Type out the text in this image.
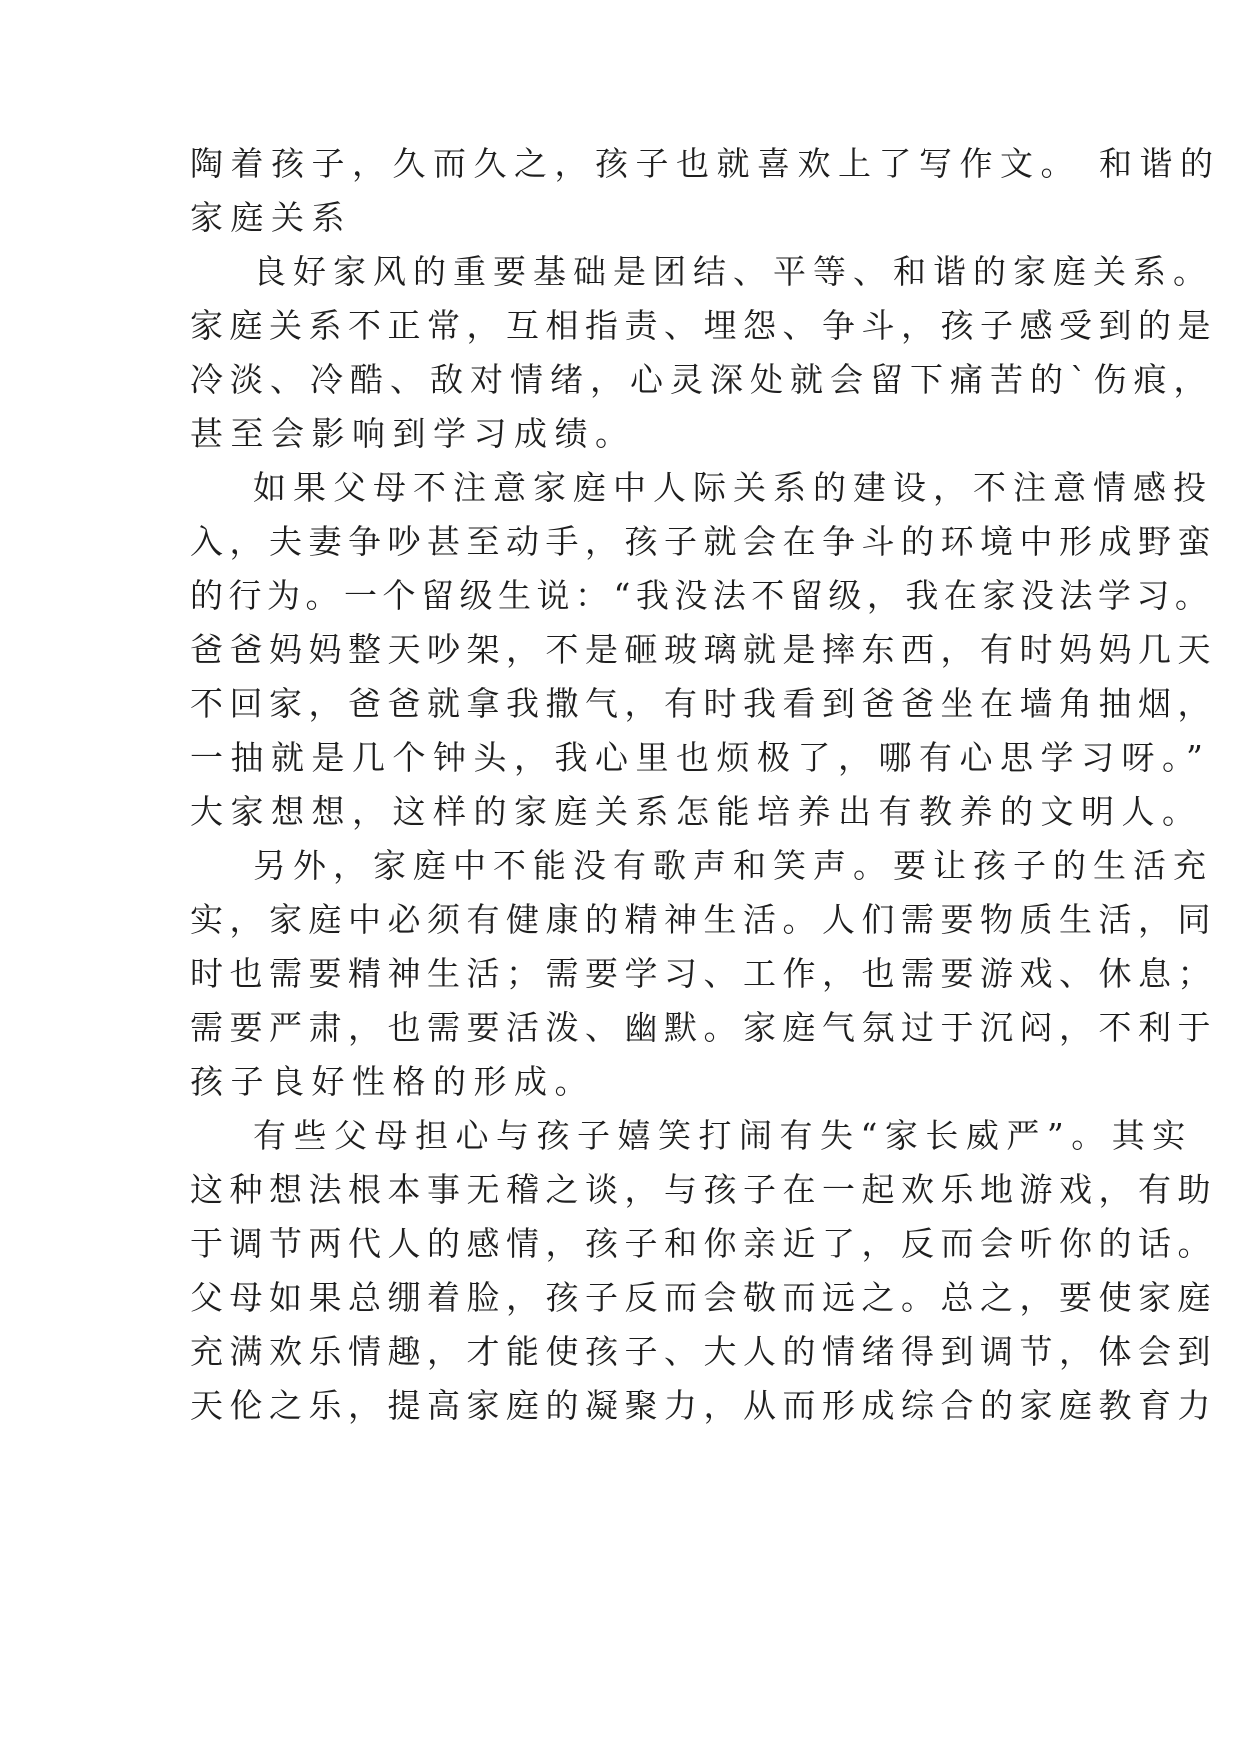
陶着孩子，久而久之，孩子也就喜欢上了写作文。 和谐的

家庭关系

良好家风的重要基础是团结、平等、和谐的家庭关系。

家庭关系不正常，互相指责、埋怨、争斗，孩子感受到的是

冷淡、冷酷、敌对情绪，心灵深处就会留下痛苦的`伤痕，

甚至会影响到学习成绩。

如果父母不注意家庭中人际关系的建设，不注意情感投

入，夫妻争吵甚至动手，孩子就会在争斗的环境中形成野蛮

的行为。一个留级生说：“我没法不留级，我在家没法学习。

爸爸妈妈整天吵架，不是砸玻璃就是摔东西，有时妈妈几天

不回家，爸爸就拿我撒气，有时我看到爸爸坐在墙角抽烟，

一抽就是几个钟头，我心里也烦极了，哪有心思学习呀。”

大家想想，这样的家庭关系怎能培养出有教养的文明人。

另外，家庭中不能没有歌声和笑声。要让孩子的生活充

实，家庭中必须有健康的精神生活。人们需要物质生活，同

时也需要精神生活；需要学习、工作，也需要游戏、休息；

需要严肃，也需要活泼、幽默。家庭气氛过于沉闷，不利于

孩子良好性格的形成。

有些父母担心与孩子嬉笑打闹有失“家长威严”。其实

这种想法根本事无稽之谈，与孩子在一起欢乐地游戏，有助

于调节两代人的感情，孩子和你亲近了，反而会听你的话。

父母如果总绷着脸，孩子反而会敬而远之。总之，要使家庭

充满欢乐情趣，才能使孩子、大人的情绪得到调节，体会到

天伦之乐，提高家庭的凝聚力，从而形成综合的家庭教育力
